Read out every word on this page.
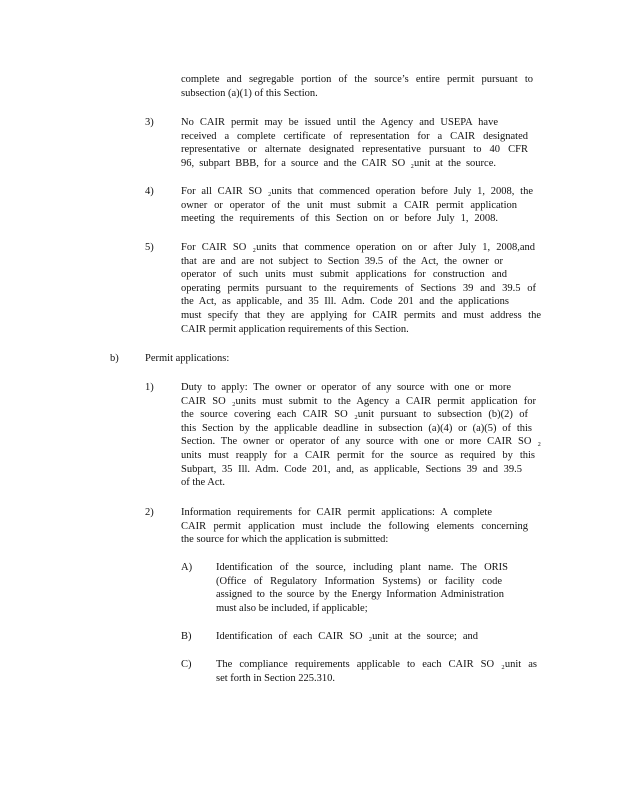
complete and segregable portion of the source’s entire permit pursuant to
subsection (a)(1) of this Section.
3)	No CAIR permit may be issued until the Agency and USEPA have
received a complete certificate of representation for a CAIR designated
representative or alternate designated representative pursuant to 40 CFR
96, subpart BBB, for a source and the CAIR SO ₂unit at the source.
4)	For all CAIR SO ₂units that commenced operation before July 1, 2008, the
owner or operator of the unit must submit a CAIR permit application
meeting the requirements of this Section on or before July 1, 2008.
5)	For CAIR SO ₂units that commence operation on or after July 1, 2008,and
that are and are not subject to Section 39.5 of the Act, the owner or
operator of such units must submit applications for construction and
operating permits pursuant to the requirements of Sections 39 and 39.5 of
the Act, as applicable, and 35 Ill. Adm. Code 201 and the applications
must specify that they are applying for CAIR permits and must address the
CAIR permit application requirements of this Section.
b)	Permit applications:
1)	Duty to apply: The owner or operator of any source with one or more
CAIR SO ₂units must submit to the Agency a CAIR permit application for
the source covering each CAIR SO ₂unit pursuant to subsection (b)(2) of
this Section by the applicable deadline in subsection (a)(4) or (a)(5) of this
Section. The owner or operator of any source with one or more CAIR SO ₂
units must reapply for a CAIR permit for the source as required by this
Subpart, 35 Ill. Adm. Code 201, and, as applicable, Sections 39 and 39.5
of the Act.
2)	Information requirements for CAIR permit applications: A complete
CAIR permit application must include the following elements concerning
the source for which the application is submitted:
A) Identification of the source, including plant name. The ORIS
(Office of Regulatory Information Systems) or facility code
assigned to the source by the Energy Information Administration
must also be included, if applicable;
B) Identification of each CAIR SO ₂unit at the source; and
C) The compliance requirements applicable to each CAIR SO ₂unit as
set forth in Section 225.310.
